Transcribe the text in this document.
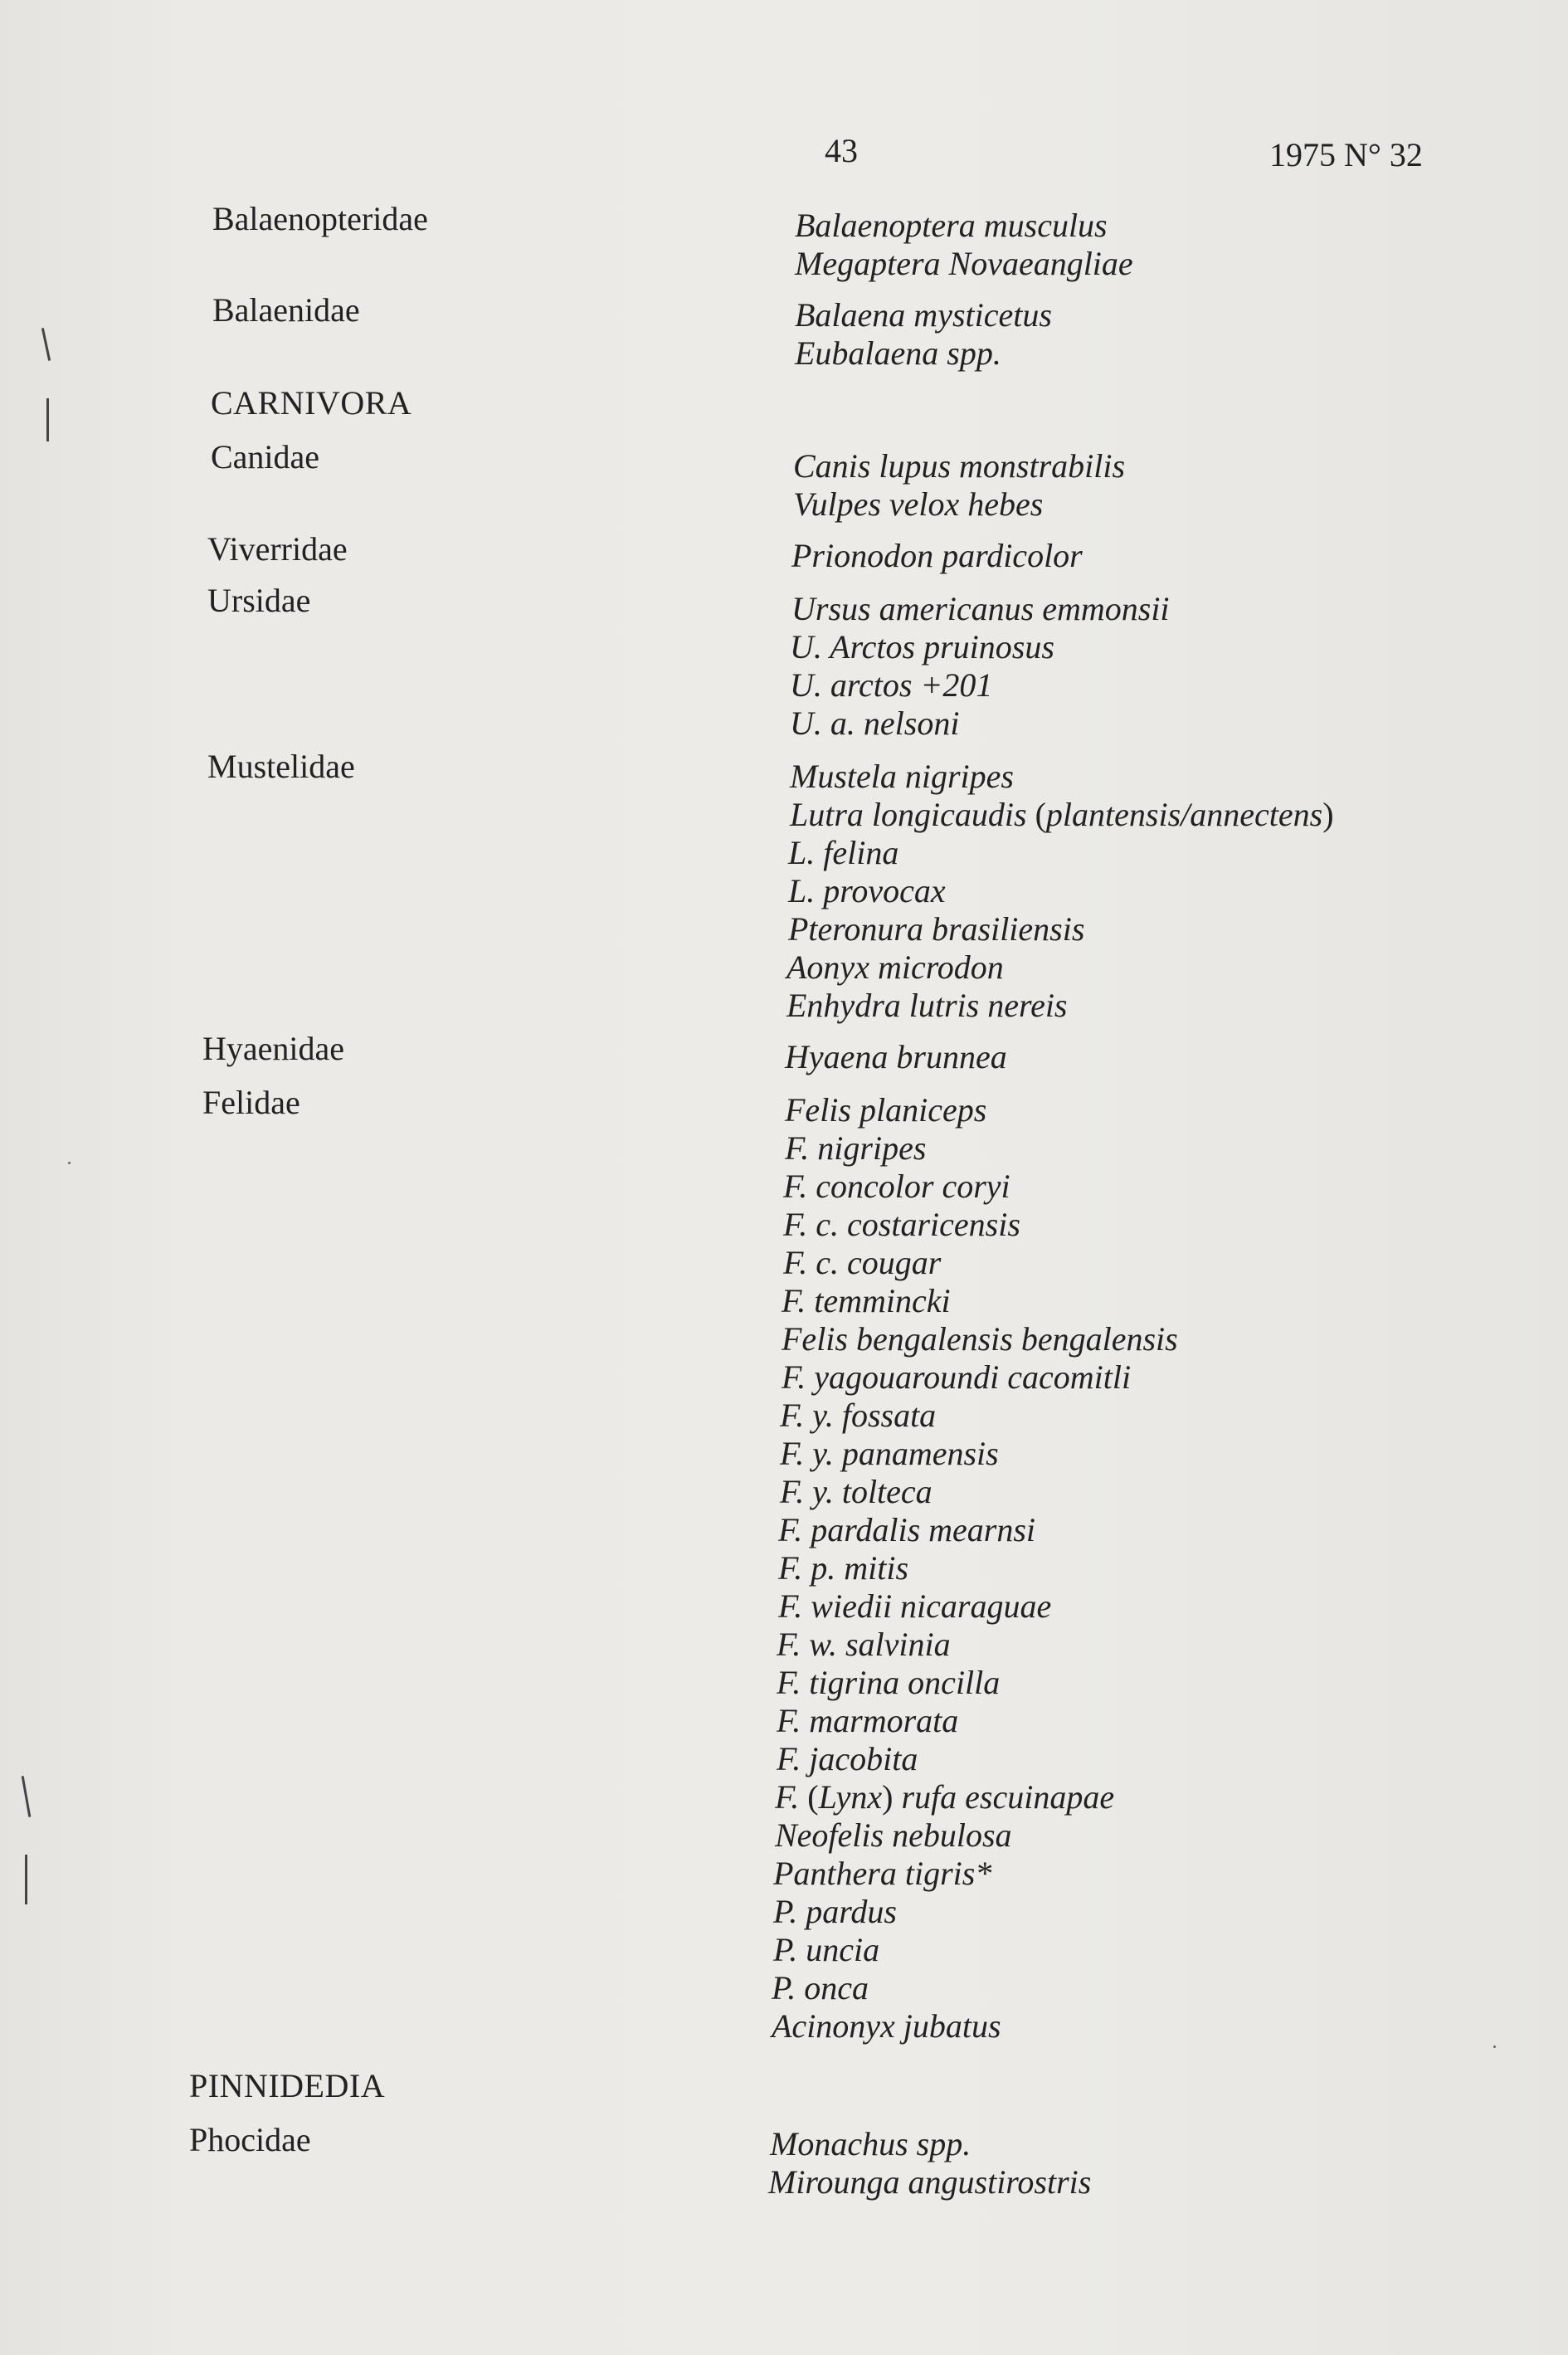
43	1975 N° 32
CARNIVORA
PINNIDEDIA
Balaenopteridae
Balaenidae
Canidae
Viverridae
Ursidae
Mustelidae
Hyaenidae
Felidae
Phocidae
Balaenoptera musculus
Megaptera Novaeangliae
Balaena mysticetus
Eubalaena spp.
Canis lupus monstrabilis
Vulpes velox hebes
Prionodon pardicolor
Ursus americanus emmonsii
U. Arctos pruinosus
U. arctos +201
U. a. nelsoni
Mustela nigripes
Lutra longicaudis (plantensis/annectens)
L. felina
L. provocax
Pteronura brasiliensis
Aonyx microdon
Enhydra lutris nereis
Hyaena brunnea
Felis planiceps
F. nigripes
F. concolor coryi
F. c. costaricensis
F. c. cougar
F. temmincki
Felis bengalensis bengalensis
F. yagouaroundi cacomitli
F. y. fossata
F. y. panamensis
F. y. tolteca
F. pardalis mearnsi
F. p. mitis
F. wiedii nicaraguae
F. w. salvinia
F. tigrina oncilla
F. marmorata
F. jacobita
F. (Lynx) rufa escuinapae
Neofelis nebulosa
Panthera tigris*
P. pardus
P. uncia
P. onca
Acinonyx jubatus
Monachus spp.
Mirounga angustirostris
